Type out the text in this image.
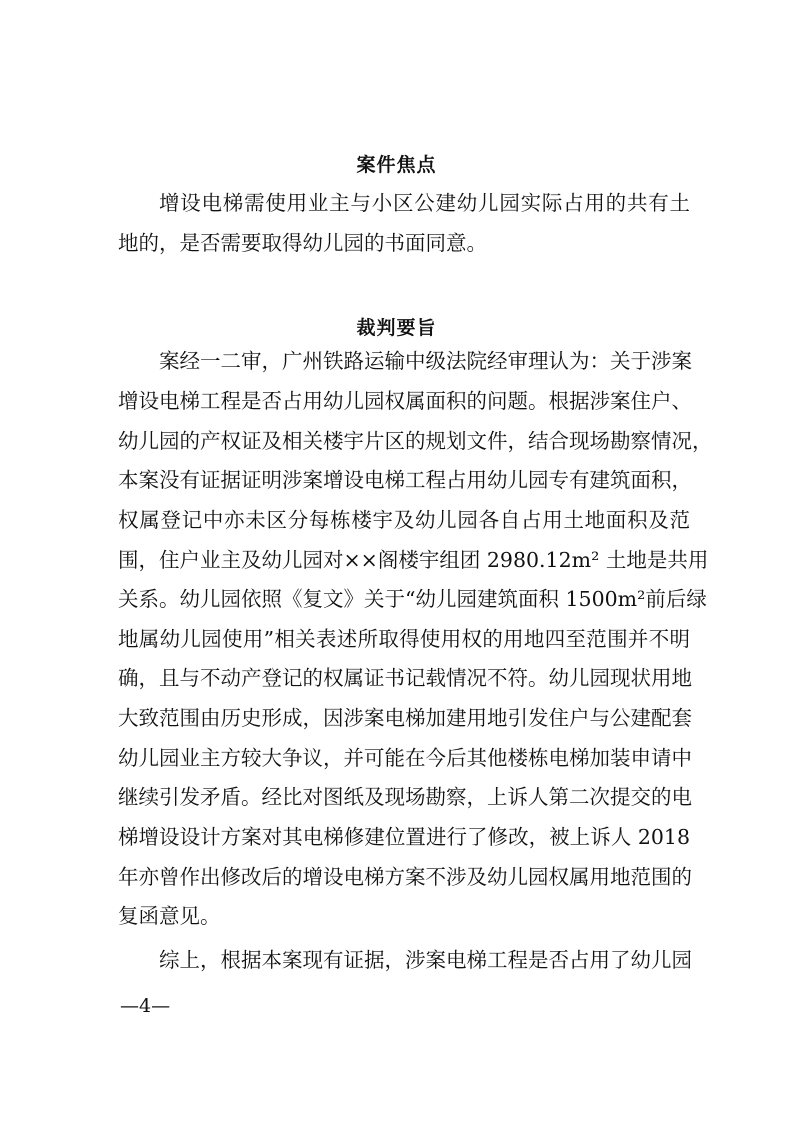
案件焦点
增设电梯需使用业主与小区公建幼儿园实际占用的共有土
地的，是否需要取得幼儿园的书面同意。
裁判要旨
案经一二审，广州铁路运输中级法院经审理认为：关于涉案
增设电梯工程是否占用幼儿园权属面积的问题。根据涉案住户、
幼儿园的产权证及相关楼宇片区的规划文件，结合现场勘察情况，
本案没有证据证明涉案增设电梯工程占用幼儿园专有建筑面积，
权属登记中亦未区分每栋楼宇及幼儿园各自占用土地面积及范
围，住户业主及幼儿园对××阁楼宇组团 2980.12m² 土地是共用
关系。幼儿园依照《复文》关于“幼儿园建筑面积 1500m²前后绿
地属幼儿园使用”相关表述所取得使用权的用地四至范围并不明
确，且与不动产登记的权属证书记载情况不符。幼儿园现状用地
大致范围由历史形成，因涉案电梯加建用地引发住户与公建配套
幼儿园业主方较大争议，并可能在今后其他楼栋电梯加装申请中
继续引发矛盾。经比对图纸及现场勘察，上诉人第二次提交的电
梯增设设计方案对其电梯修建位置进行了修改，被上诉人 2018
年亦曾作出修改后的增设电梯方案不涉及幼儿园权属用地范围的
复函意见。
综上，根据本案现有证据，涉案电梯工程是否占用了幼儿园
—4—
